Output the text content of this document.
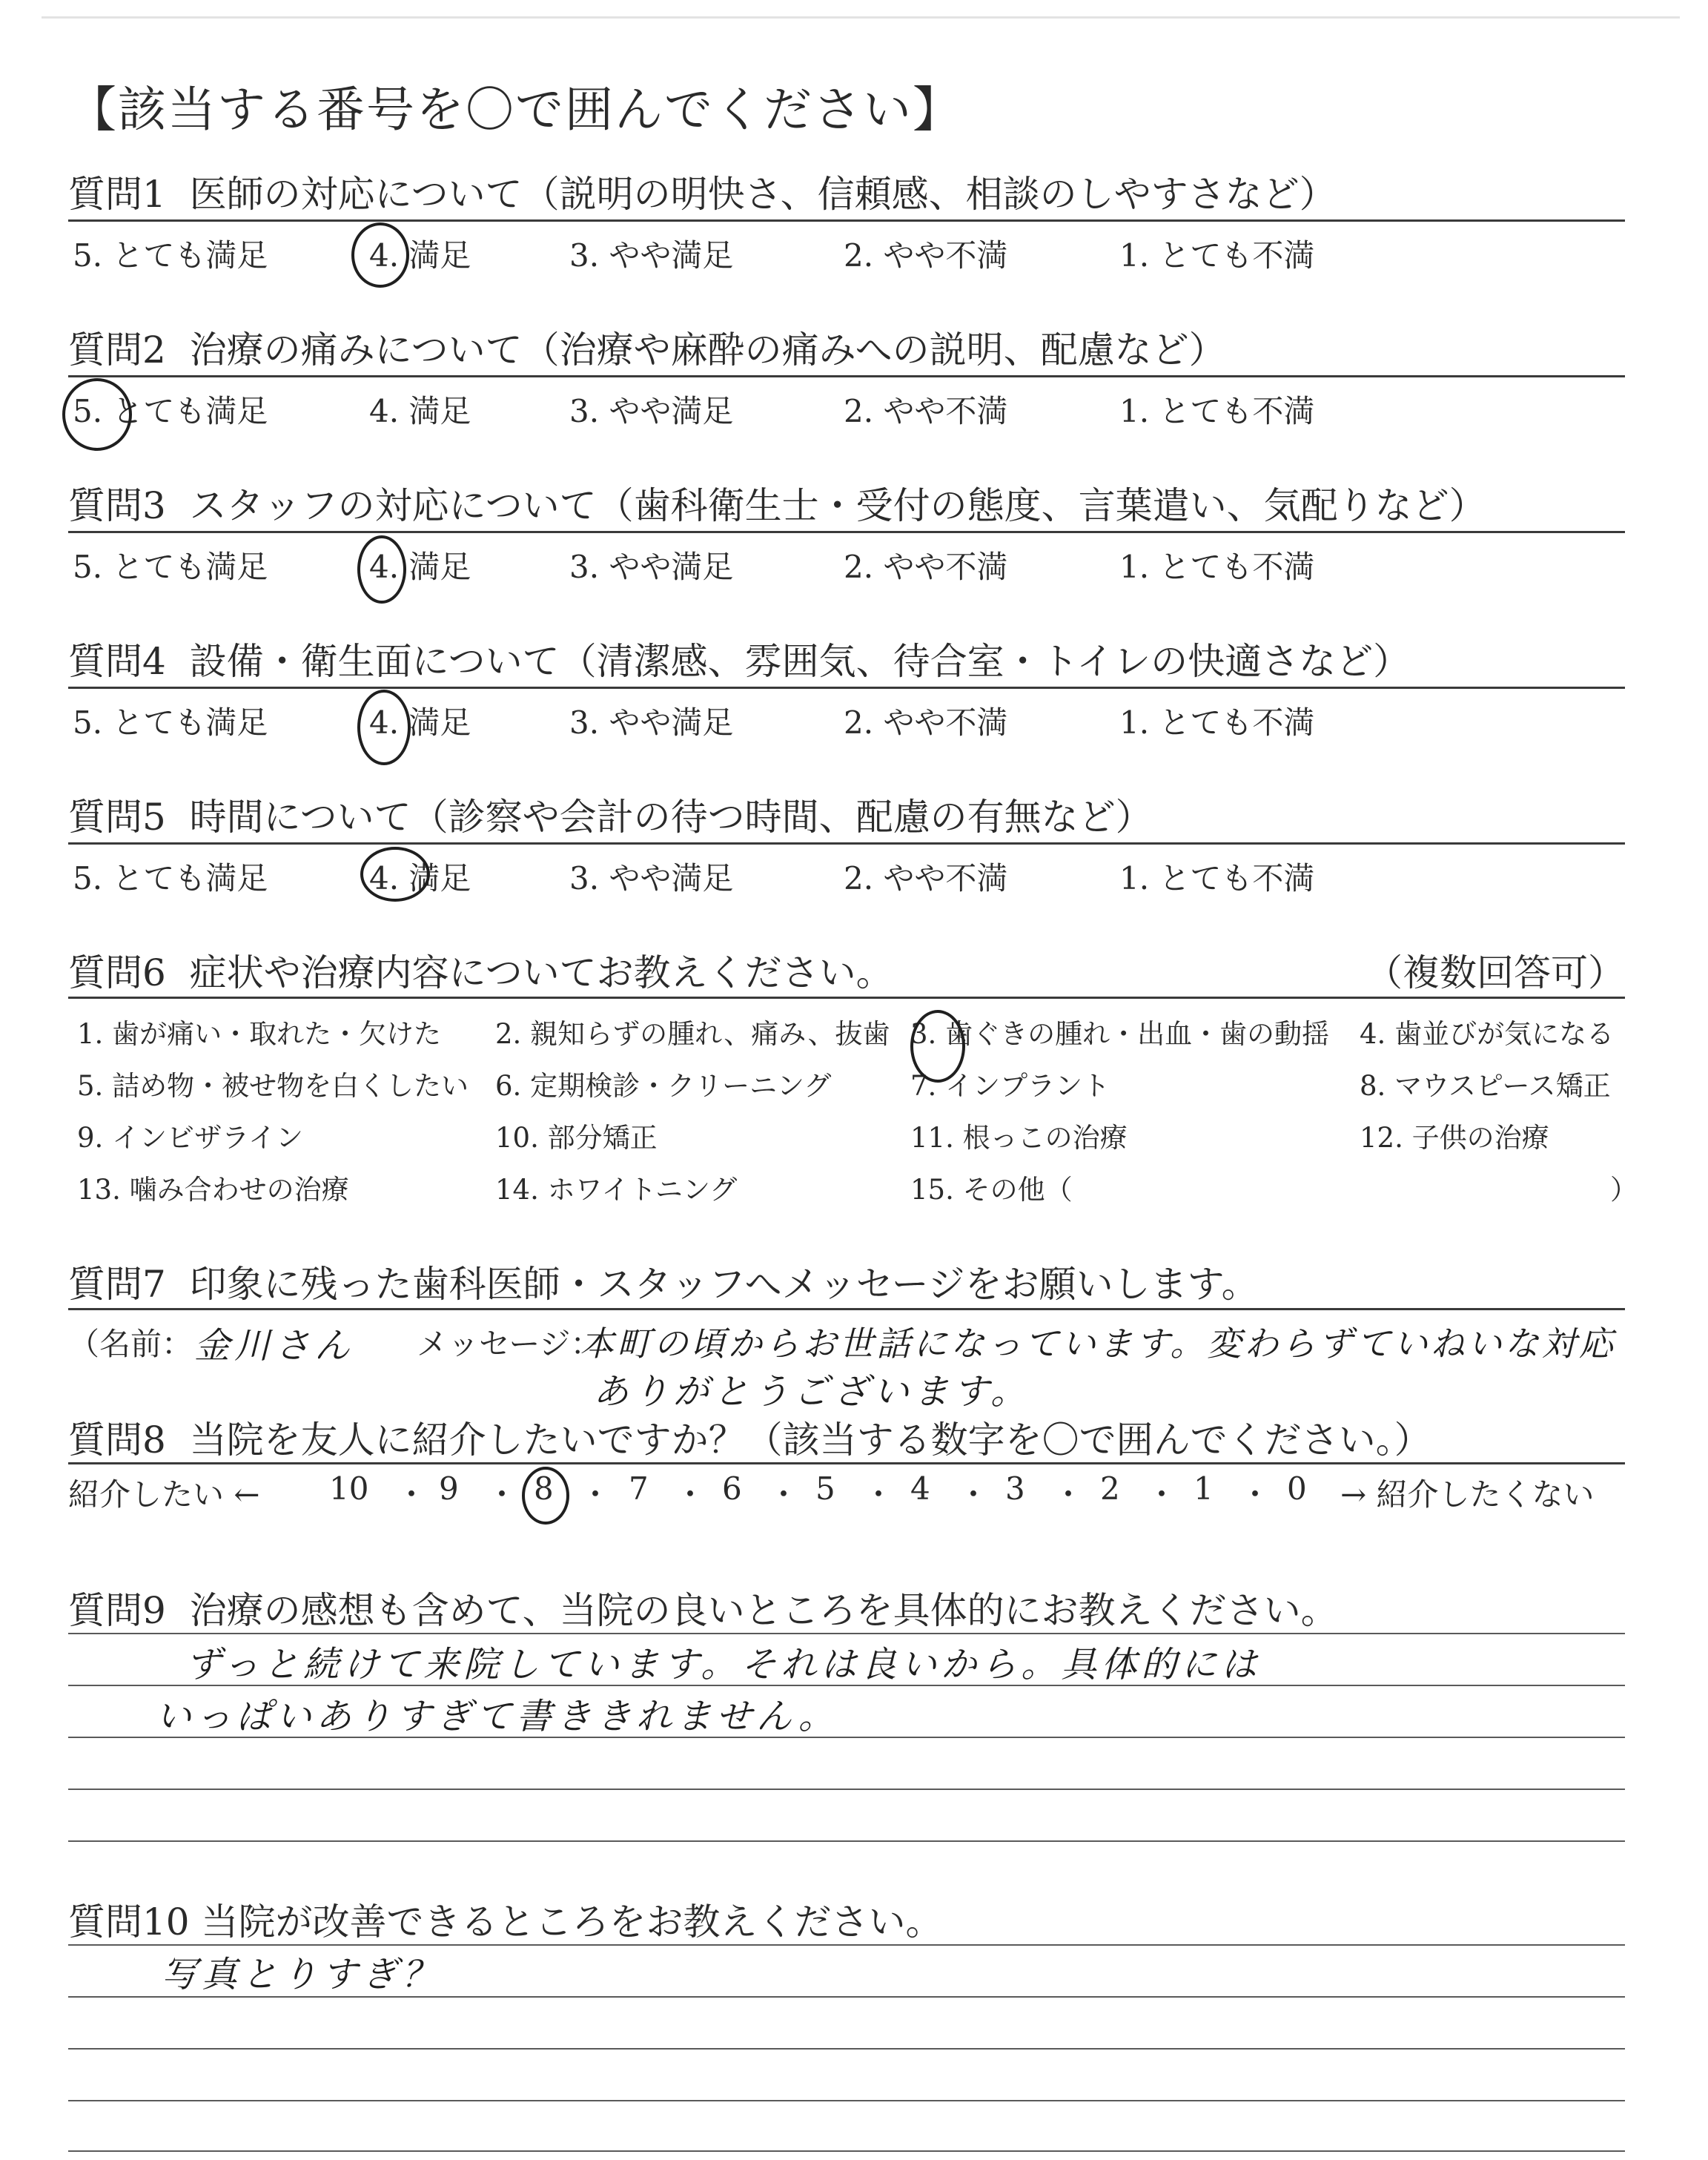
【該当する番号を〇で囲んでください】
質問1 医師の対応について（説明の明快さ、信頼感、相談のしやすさなど）
5. とても満足	4. 満足	3. やや満足	2. やや不満	1. とても不満
質問2 治療の痛みについて（治療や麻酔の痛みへの説明、配慮など）
5. とても満足	4. 満足	3. やや満足	2. やや不満	1. とても不満
質問3 スタッフの対応について（歯科衛生士・受付の態度、言葉遣い、気配りなど）
5. とても満足	4. 満足	3. やや満足	2. やや不満	1. とても不満
質問4 設備・衛生面について（清潔感、雰囲気、待合室・トイレの快適さなど）
5. とても満足	4. 満足	3. やや満足	2. やや不満	1. とても不満
質問5 時間について（診察や会計の待つ時間、配慮の有無など）
5. とても満足	4. 満足	3. やや満足	2. やや不満	1. とても不満
質問6 症状や治療内容についてお教えください。	（複数回答可）
1. 歯が痛い・取れた・欠けた 2. 親知らずの腫れ、痛み、抜歯 3. 歯ぐきの腫れ・出血・歯の動揺 4. 歯並びが気になる
5. 詰め物・被せ物を白くしたい 6. 定期検診・クリーニング	7. インプラント	8. マウスピース矯正
9. インビザライン	10. 部分矯正	11. 根っこの治療	12. 子供の治療
13. 噛み合わせの治療	14. ホワイトニング	15. その他（	）
質問7 印象に残った歯科医師・スタッフへメッセージをお願いします。
（名前： 金川さん メッセージ：
本町の頃からお世話になっています。変わらずていねいな対応
ありがとうございます。
質問8 当院を友人に紹介したいですか？（該当する数字を〇で囲んでください。）
紹介したい ← 10 ・ 9 ・ 8 ・ 7 ・ 6 ・ 5 ・ 4 ・ 3 ・ 2 ・ 1 ・ 0 → 紹介したくない
質問9 治療の感想も含めて、当院の良いところを具体的にお教えください。
ずっと続けて来院しています。それは良いから。具体的には
いっぱいありすぎて書ききれません。
質問10 当院が改善できるところをお教えください。
写真とりすぎ？
